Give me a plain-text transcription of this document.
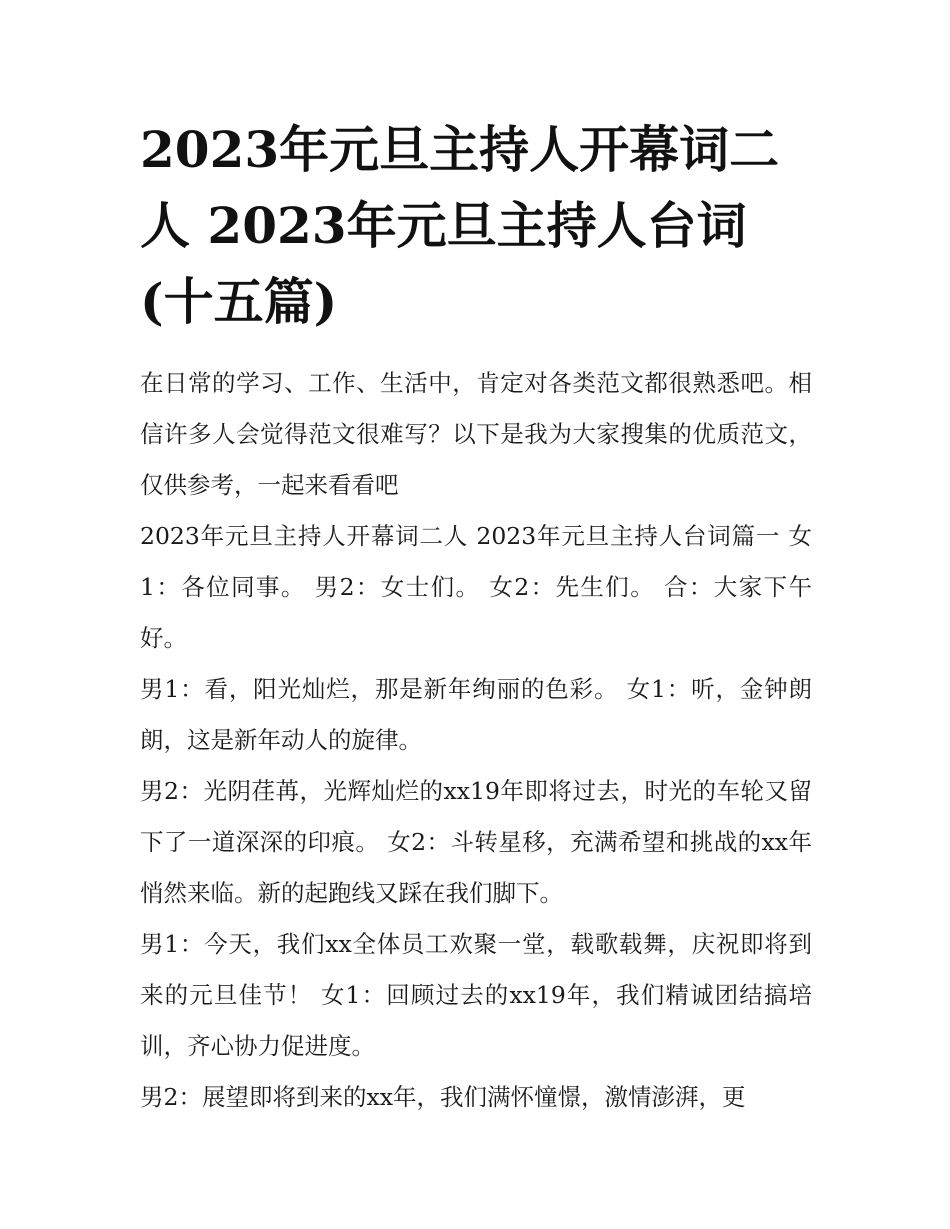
2023年元旦主持人开幕词二人 2023年元旦主持人台词(十五篇)

在日常的学习、工作、生活中，肯定对各类范文都很熟悉吧。相信许多人会觉得范文很难写？以下是我为大家搜集的优质范文，仅供参考，一起来看看吧

2023年元旦主持人开幕词二人 2023年元旦主持人台词篇一 女1：各位同事。 男2：女士们。 女2：先生们。 合：大家下午好。

男1：看，阳光灿烂，那是新年绚丽的色彩。 女1：听，金钟朗朗，这是新年动人的旋律。

男2：光阴荏苒，光辉灿烂的xx19年即将过去，时光的车轮又留下了一道深深的印痕。 女2：斗转星移，充满希望和挑战的xx年悄然来临。新的起跑线又踩在我们脚下。

男1：今天，我们xx全体员工欢聚一堂，载歌载舞，庆祝即将到来的元旦佳节！ 女1：回顾过去的xx19年，我们精诚团结搞培训，齐心协力促进度。

男2：展望即将到来的xx年，我们满怀憧憬，激情澎湃，更
